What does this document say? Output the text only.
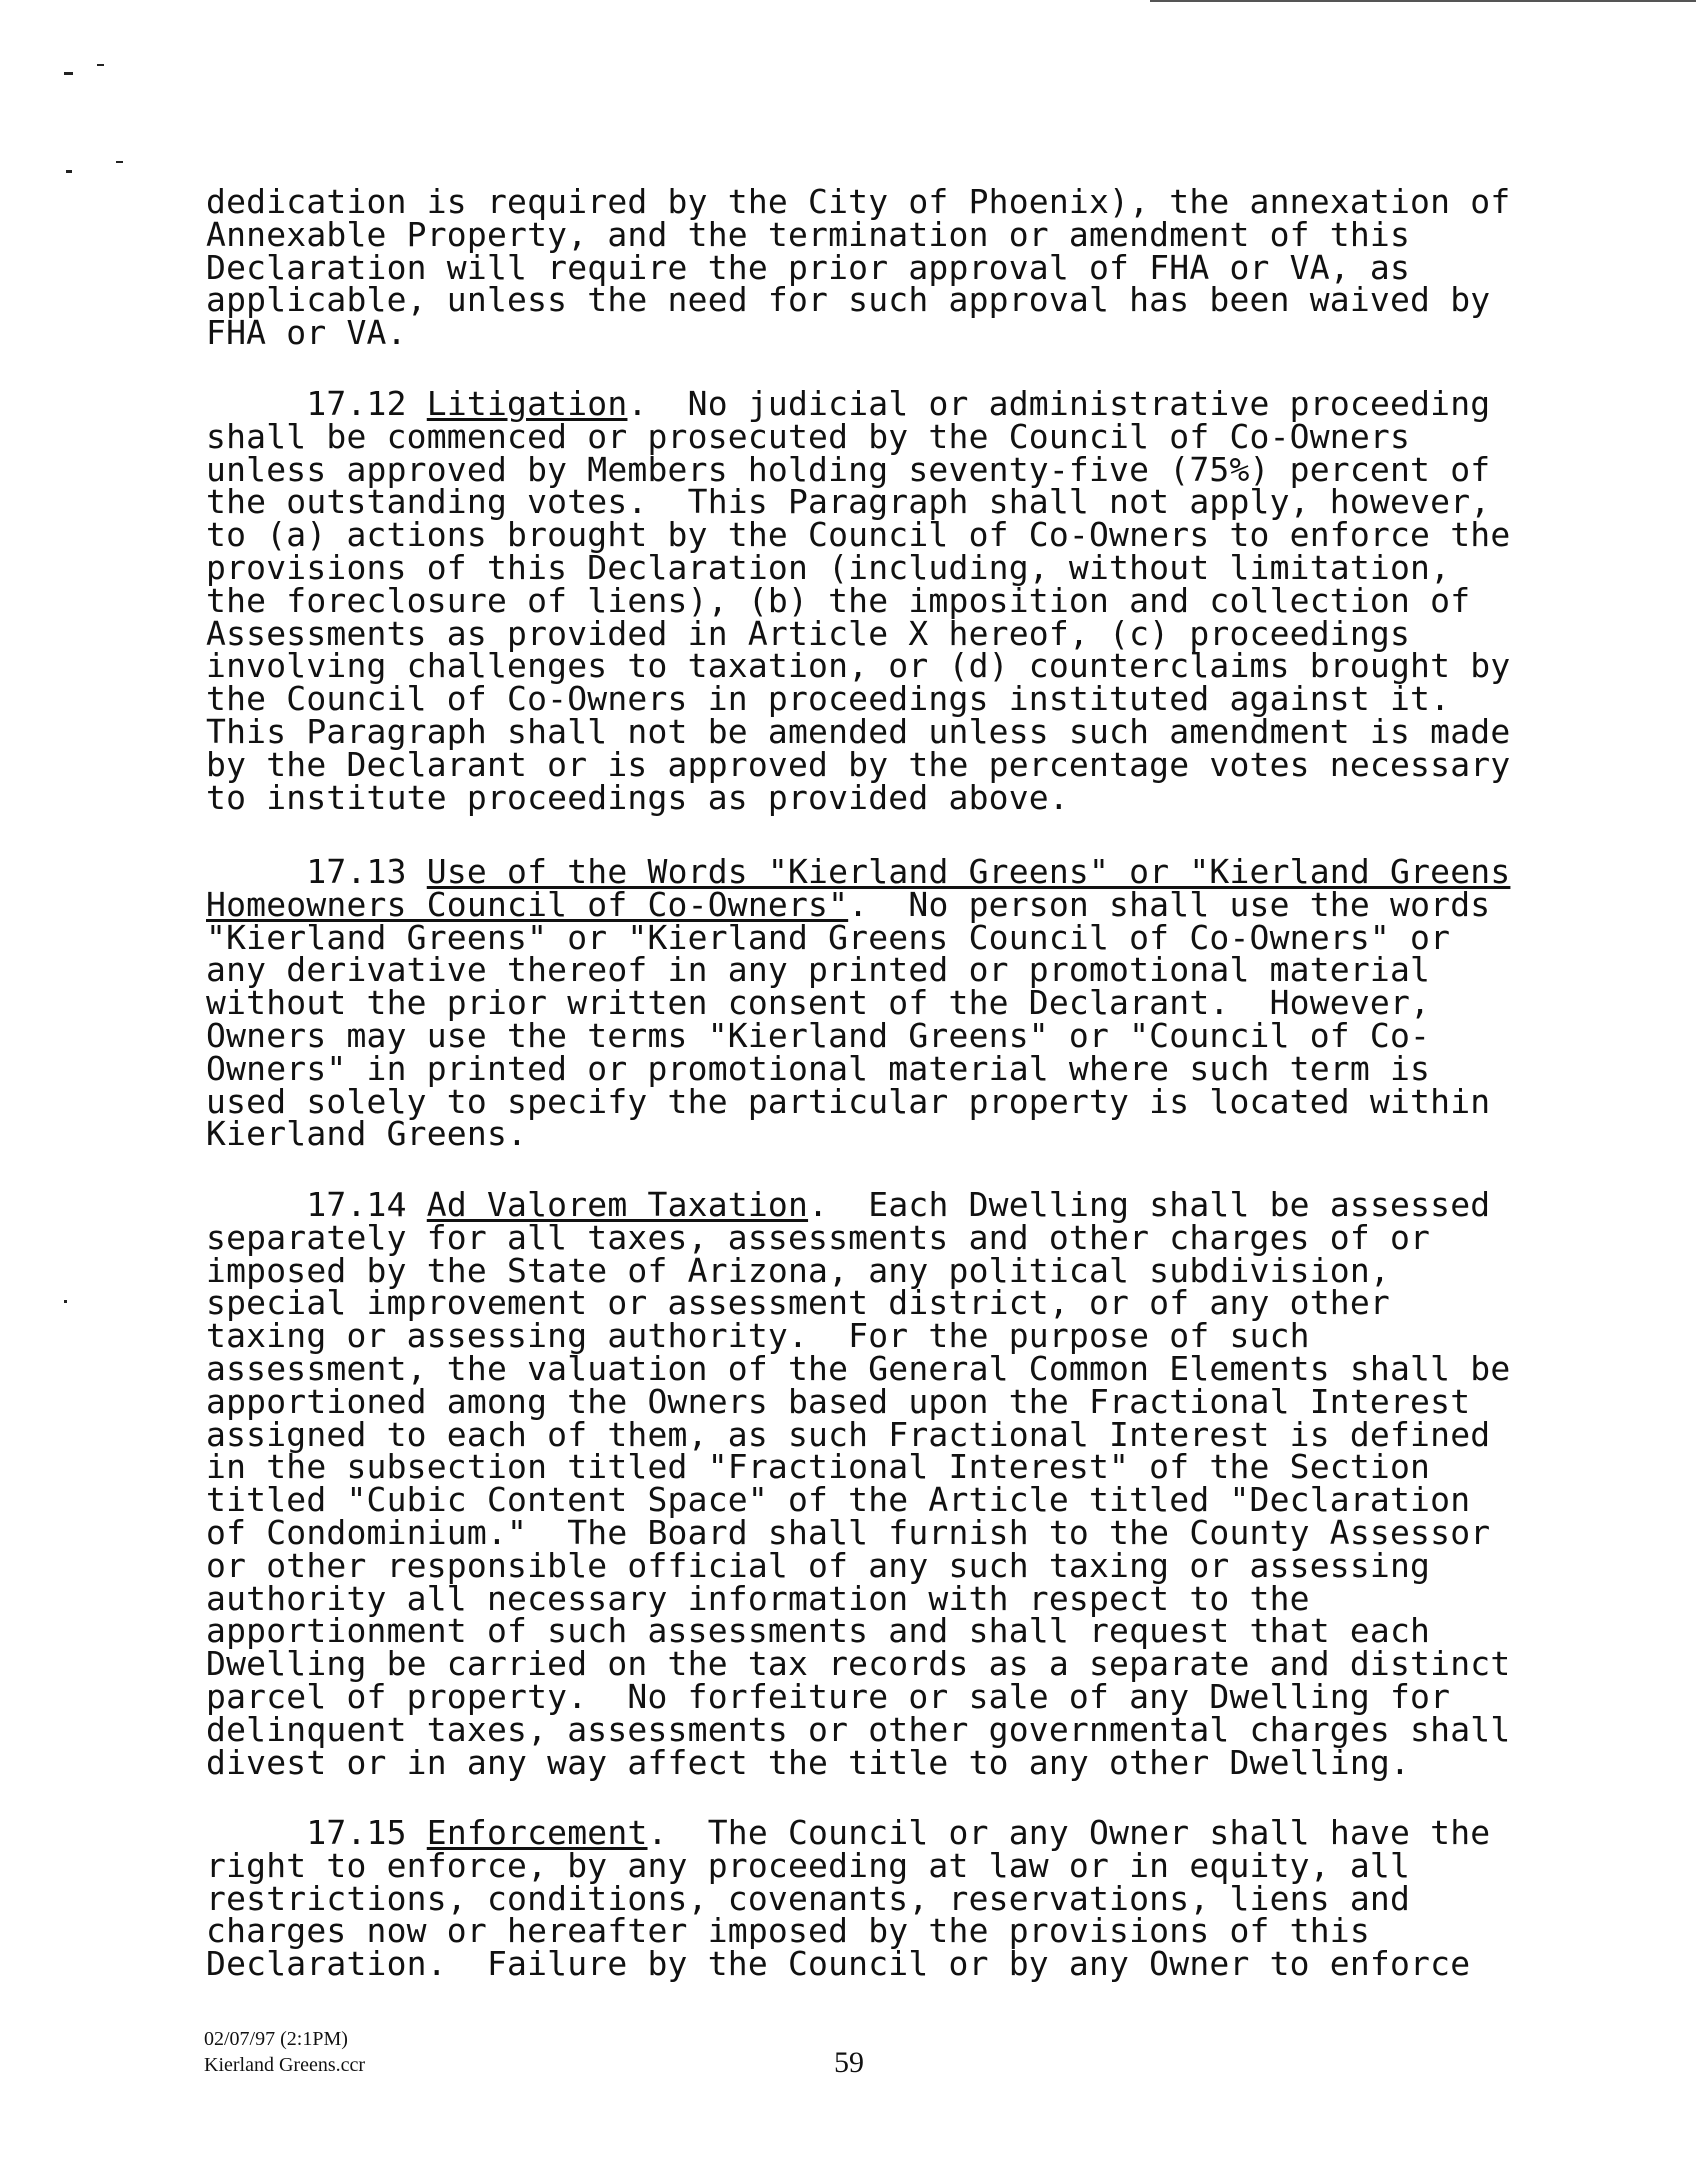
dedication is required by the City of Phoenix), the annexation of
Annexable Property, and the termination or amendment of this
Declaration will require the prior approval of FHA or VA, as
applicable, unless the need for such approval has been waived by
FHA or VA.

17.12 Litigation.  No judicial or administrative proceeding
shall be commenced or prosecuted by the Council of Co-Owners
unless approved by Members holding seventy-five (75%) percent of
the outstanding votes.  This Paragraph shall not apply, however,
to (a) actions brought by the Council of Co-Owners to enforce the
provisions of this Declaration (including, without limitation,
the foreclosure of liens), (b) the imposition and collection of
Assessments as provided in Article X hereof, (c) proceedings
involving challenges to taxation, or (d) counterclaims brought by
the Council of Co-Owners in proceedings instituted against it.
This Paragraph shall not be amended unless such amendment is made
by the Declarant or is approved by the percentage votes necessary
to institute proceedings as provided above.

17.13 Use of the Words "Kierland Greens" or "Kierland Greens
Homeowners Council of Co-Owners".  No person shall use the words
"Kierland Greens" or "Kierland Greens Council of Co-Owners" or
any derivative thereof in any printed or promotional material
without the prior written consent of the Declarant.  However,
Owners may use the terms "Kierland Greens" or "Council of Co-
Owners" in printed or promotional material where such term is
used solely to specify the particular property is located within
Kierland Greens.

17.14 Ad Valorem Taxation.  Each Dwelling shall be assessed
separately for all taxes, assessments and other charges of or
imposed by the State of Arizona, any political subdivision,
special improvement or assessment district, or of any other
taxing or assessing authority.  For the purpose of such
assessment, the valuation of the General Common Elements shall be
apportioned among the Owners based upon the Fractional Interest
assigned to each of them, as such Fractional Interest is defined
in the subsection titled "Fractional Interest" of the Section
titled "Cubic Content Space" of the Article titled "Declaration
of Condominium."  The Board shall furnish to the County Assessor
or other responsible official of any such taxing or assessing
authority all necessary information with respect to the
apportionment of such assessments and shall request that each
Dwelling be carried on the tax records as a separate and distinct
parcel of property.  No forfeiture or sale of any Dwelling for
delinquent taxes, assessments or other governmental charges shall
divest or in any way affect the title to any other Dwelling.

17.15 Enforcement.  The Council or any Owner shall have the
right to enforce, by any proceeding at law or in equity, all
restrictions, conditions, covenants, reservations, liens and
charges now or hereafter imposed by the provisions of this
Declaration.  Failure by the Council or by any Owner to enforce

02/07/97 (2:1PM)
Kierland Greens.ccr	59
